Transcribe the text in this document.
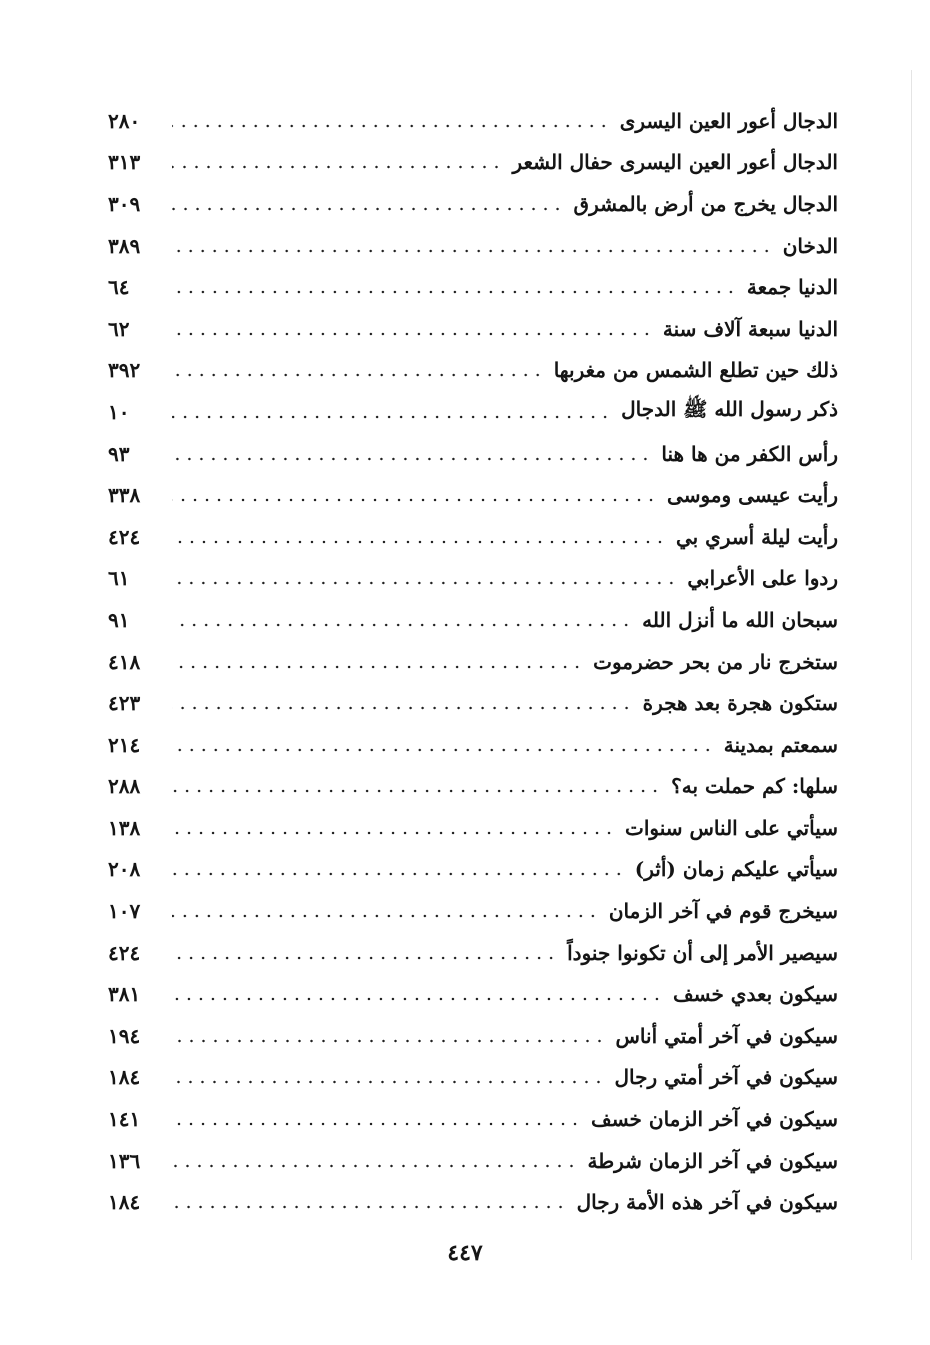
الدجال أعور العين اليسرى
٢٨٠
الدجال أعور العين اليسرى حفال الشعر
٣١٣
الدجال يخرج من أرض بالمشرق
٣٠٩
الدخان
٣٨٩
الدنيا جمعة
٦٤
الدنيا سبعة آلاف سنة
٦٢
ذلك حين تطلع الشمس من مغربها
٣٩٢
ذكر رسول الله ﷺ الدجال
١٠
رأس الكفر من ها هنا
٩٣
رأيت عيسى وموسى
٣٣٨
رأيت ليلة أسري بي
٤٢٤
ردوا على الأعرابي
٦١
سبحان الله ما أنزل الله
٩١
ستخرج نار من بحر حضرموت
٤١٨
ستكون هجرة بعد هجرة
٤٢٣
سمعتم بمدينة
٢١٤
سلها: كم حملت به؟
٢٨٨
سيأتي على الناس سنوات
١٣٨
سيأتي عليكم زمان (أثر)
٢٠٨
سيخرج قوم في آخر الزمان
١٠٧
سيصير الأمر إلى أن تكونوا جنوداً
٤٢٤
سيكون بعدي خسف
٣٨١
سيكون في آخر أمتي أناس
١٩٤
سيكون في آخر أمتي رجال
١٨٤
سيكون في آخر الزمان خسف
١٤١
سيكون في آخر الزمان شرطة
١٣٦
سيكون في آخر هذه الأمة رجال
١٨٤
٤٤٧
